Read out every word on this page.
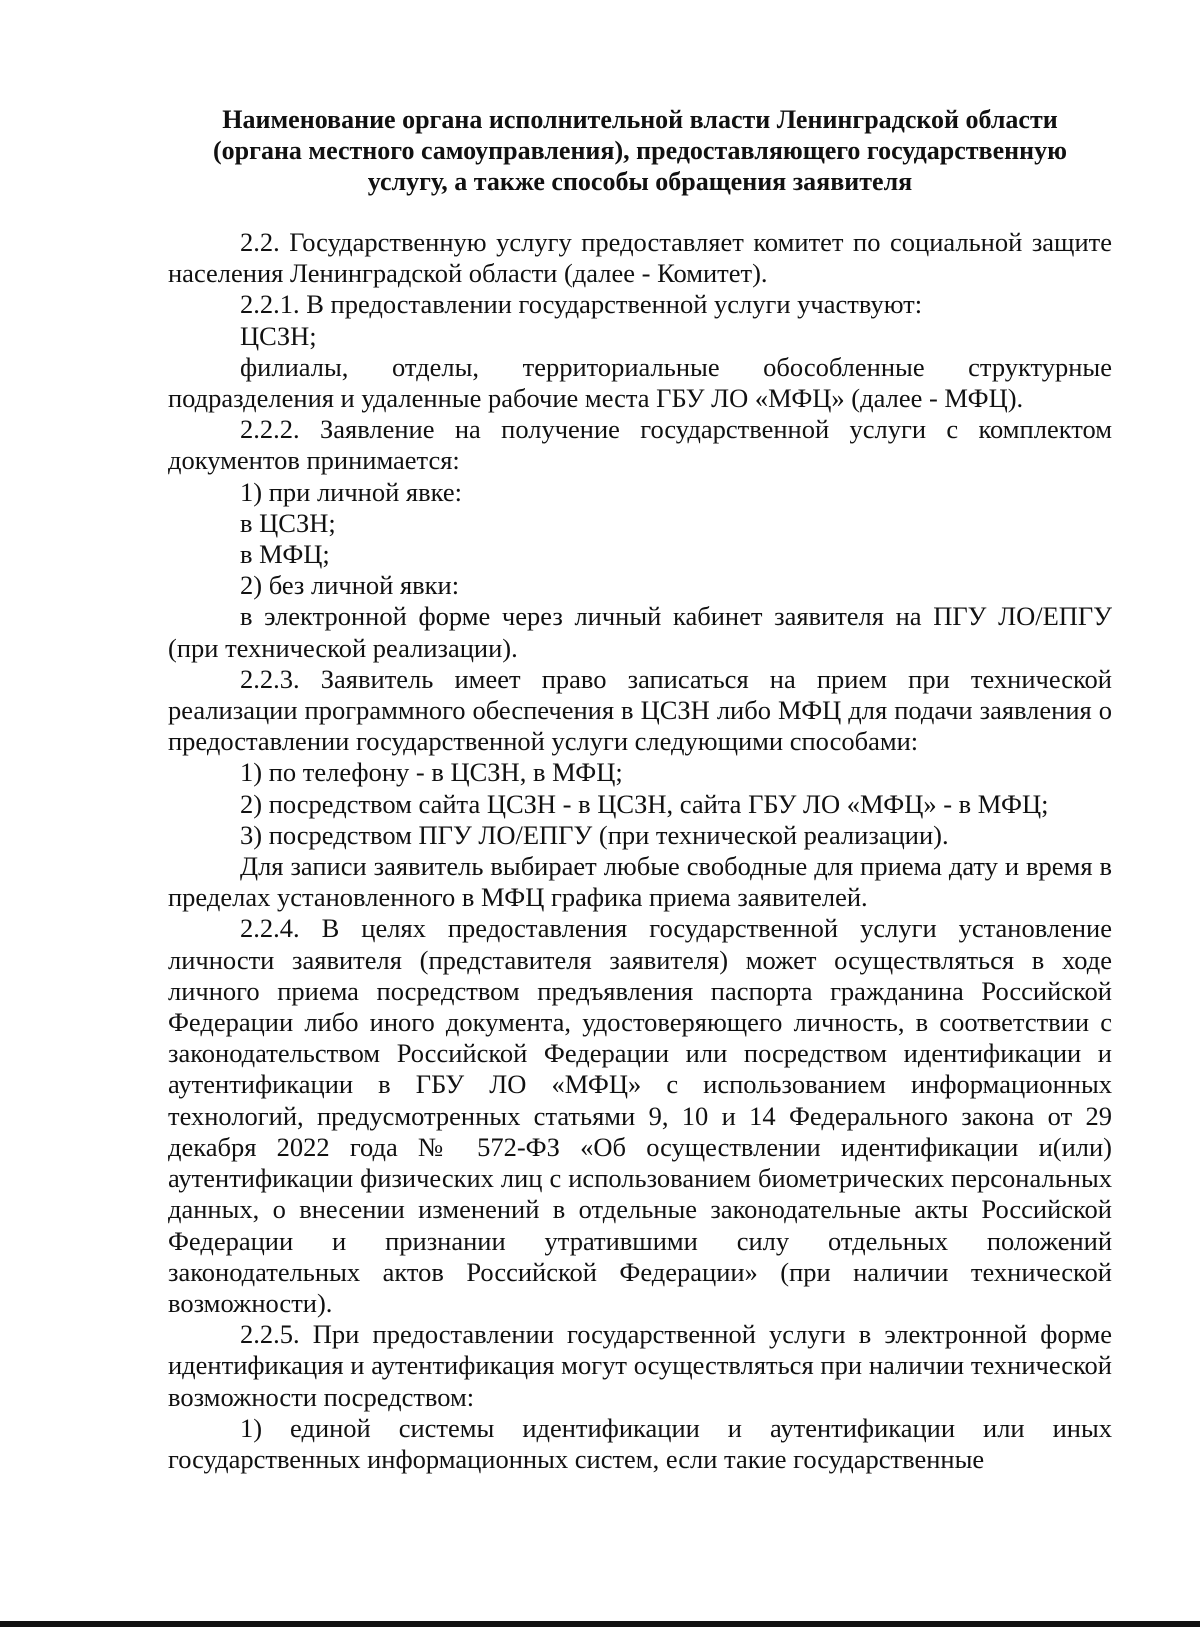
Наименование органа исполнительной власти Ленинградской области
(органа местного самоуправления), предоставляющего государственную
услугу, а также способы обращения заявителя

2.2. Государственную услугу предоставляет комитет по социальной защите населения Ленинградской области (далее - Комитет).

2.2.1. В предоставлении государственной услуги участвуют:

ЦСЗН;

филиалы, отделы, территориальные обособленные структурные подразделения и удаленные рабочие места ГБУ ЛО «МФЦ» (далее - МФЦ).

2.2.2. Заявление на получение государственной услуги с комплектом документов принимается:

1) при личной явке:

в ЦСЗН;

в МФЦ;

2) без личной явки:

в электронной форме через личный кабинет заявителя на ПГУ ЛО/ЕПГУ (при технической реализации).

2.2.3. Заявитель имеет право записаться на прием при технической реализации программного обеспечения в ЦСЗН либо МФЦ для подачи заявления о предоставлении государственной услуги следующими способами:

1) по телефону - в ЦСЗН, в МФЦ;

2) посредством сайта ЦСЗН - в ЦСЗН, сайта ГБУ ЛО «МФЦ» - в МФЦ;

3) посредством ПГУ ЛО/ЕПГУ (при технической реализации).

Для записи заявитель выбирает любые свободные для приема дату и время в пределах установленного в МФЦ графика приема заявителей.

2.2.4. В целях предоставления государственной услуги установление личности заявителя (представителя заявителя) может осуществляться в ходе личного приема посредством предъявления паспорта гражданина Российской Федерации либо иного документа, удостоверяющего личность, в соответствии с законодательством Российской Федерации или посредством идентификации и аутентификации в ГБУ ЛО «МФЦ» с использованием информационных технологий, предусмотренных статьями 9, 10 и 14 Федерального закона от 29 декабря 2022 года № 572-ФЗ «Об осуществлении идентификации и(или) аутентификации физических лиц с использованием биометрических персональных данных, о внесении изменений в отдельные законодательные акты Российской Федерации и признании утратившими силу отдельных положений законодательных актов Российской Федерации» (при наличии технической возможности).

2.2.5. При предоставлении государственной услуги в электронной форме идентификация и аутентификация могут осуществляться при наличии технической возможности посредством:

1) единой системы идентификации и аутентификации или иных государственных информационных систем, если такие государственные
